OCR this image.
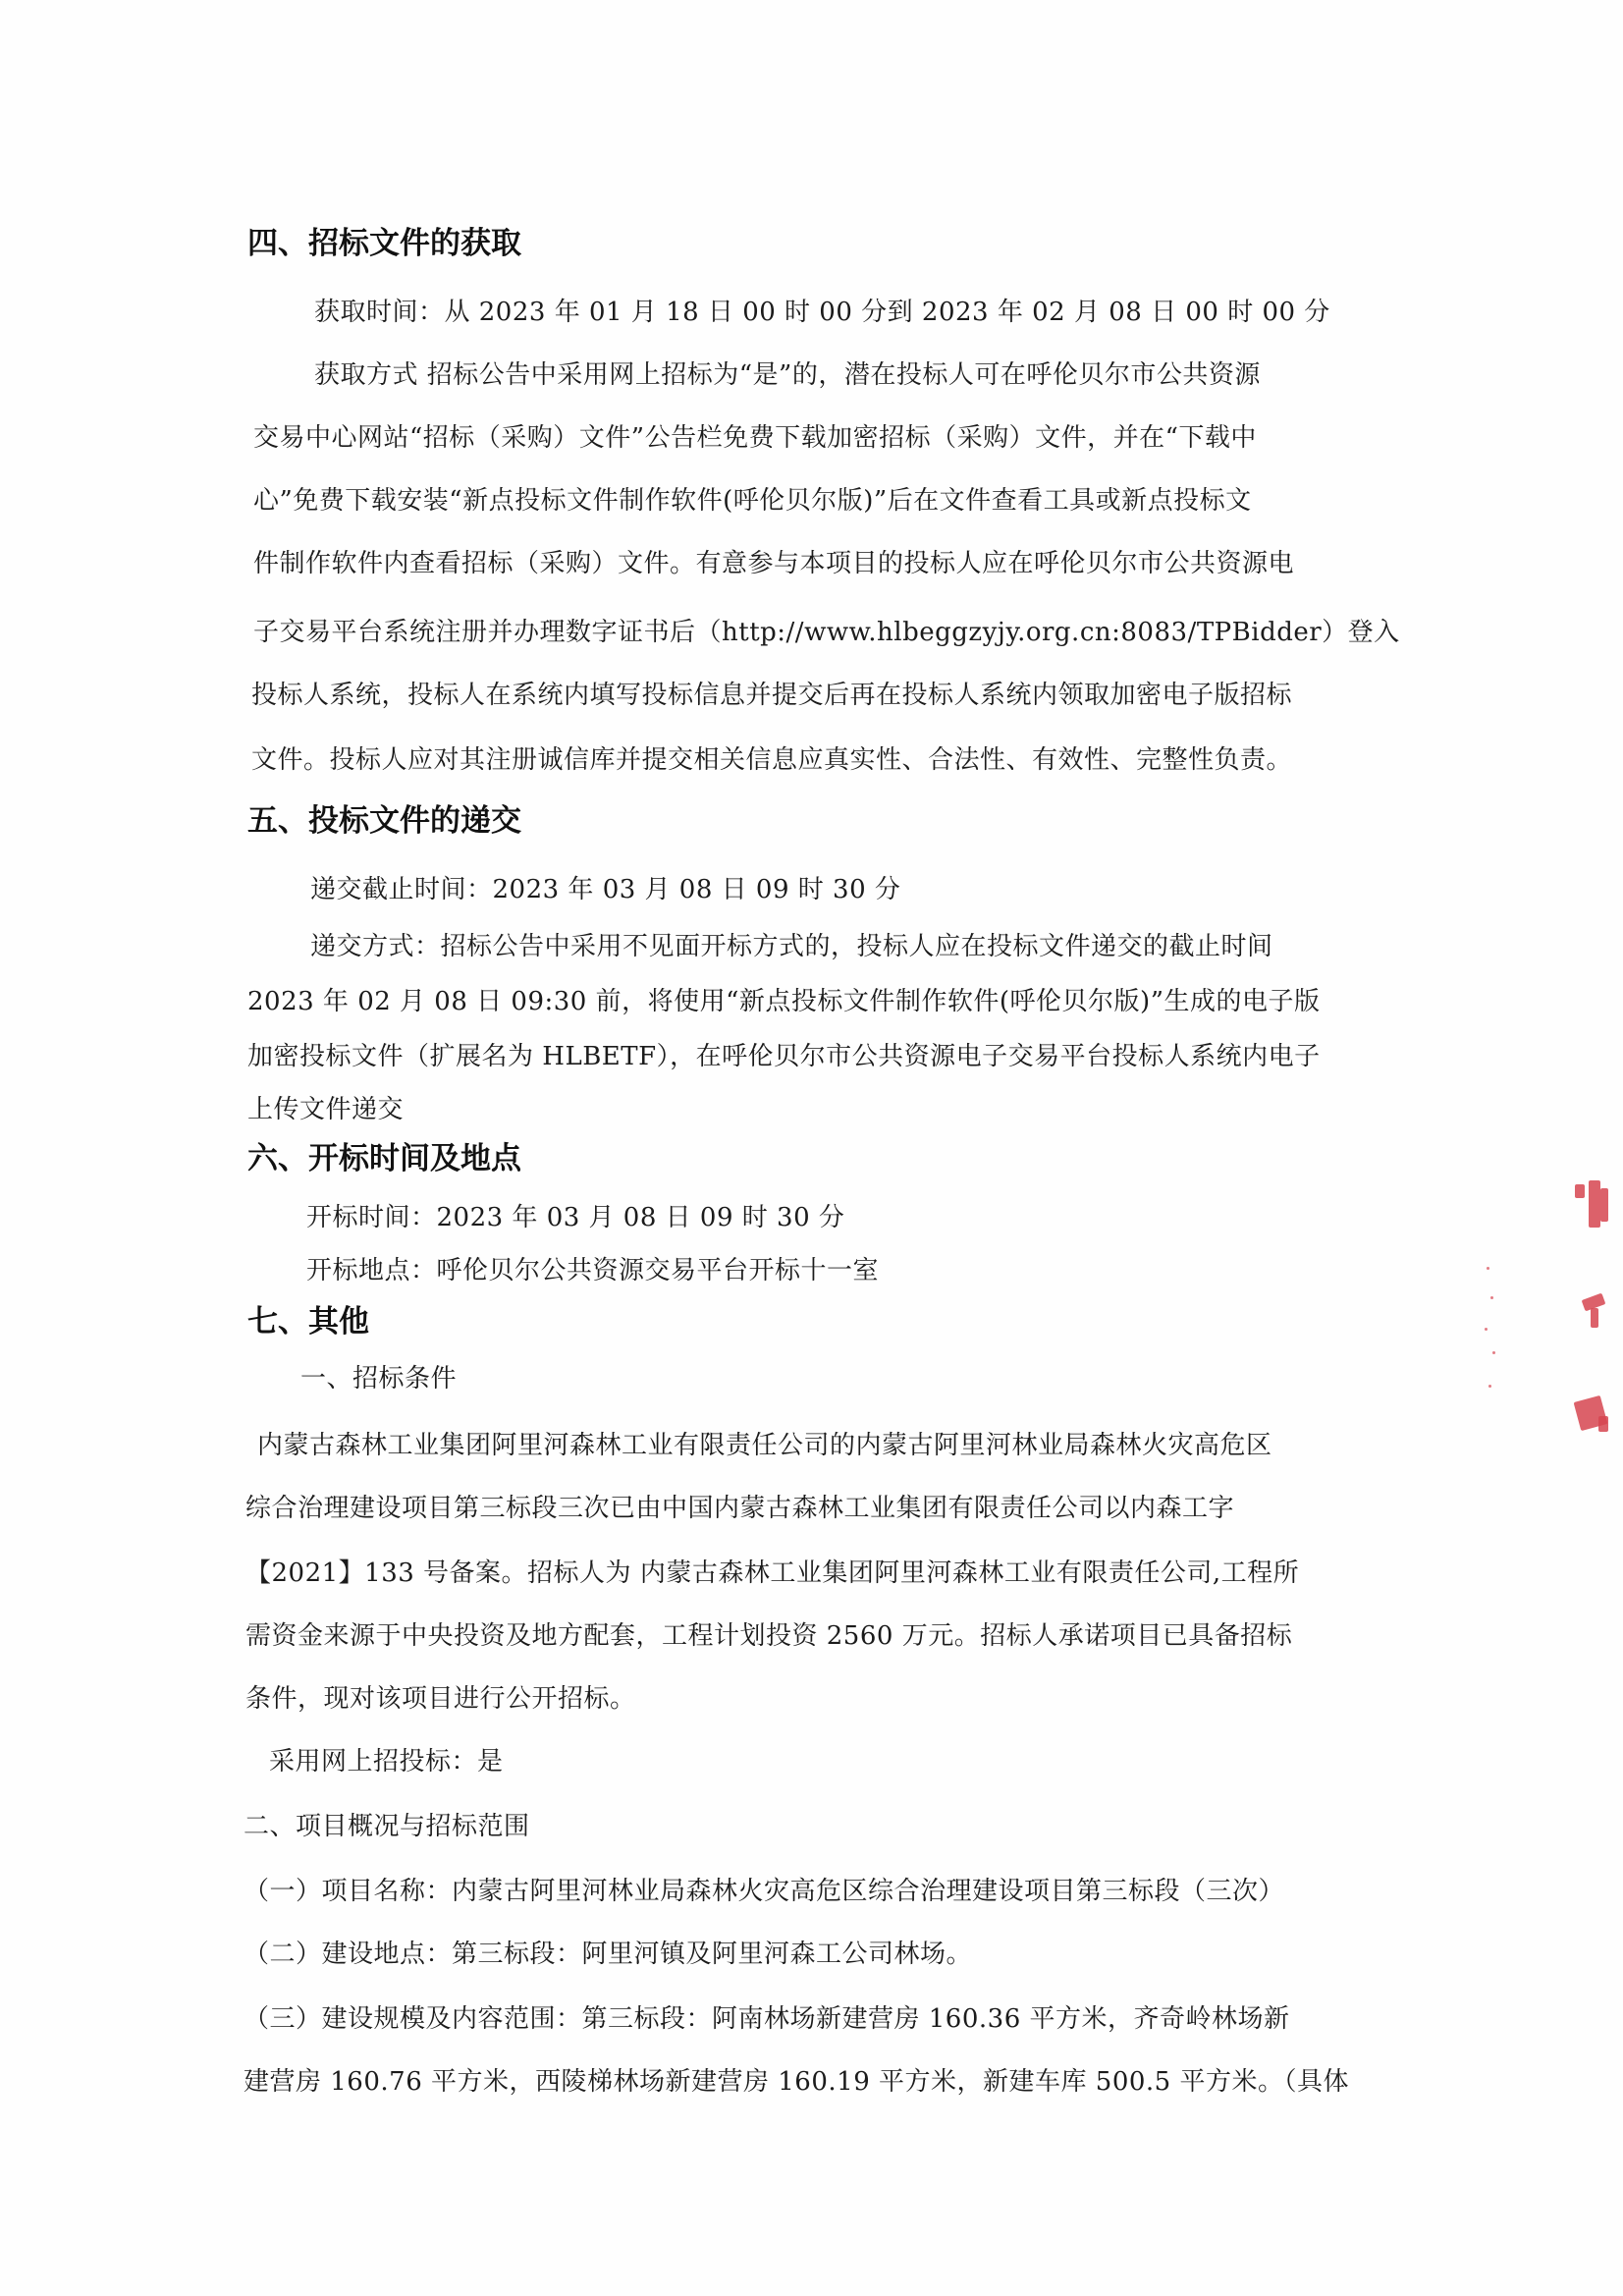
四、招标文件的获取
获取时间：从 2023 年 01 月 18 日 00 时 00 分到 2023 年 02 月 08 日 00 时 00 分
获取方式 招标公告中采用网上招标为“是”的，潜在投标人可在呼伦贝尔市公共资源
交易中心网站“招标（采购）文件”公告栏免费下载加密招标（采购）文件，并在“下载中
心”免费下载安装“新点投标文件制作软件(呼伦贝尔版)”后在文件查看工具或新点投标文
件制作软件内查看招标（采购）文件。有意参与本项目的投标人应在呼伦贝尔市公共资源电
子交易平台系统注册并办理数字证书后（http://www.hlbeggzyjy.org.cn:8083/TPBidder）登入
投标人系统，投标人在系统内填写投标信息并提交后再在投标人系统内领取加密电子版招标
文件。投标人应对其注册诚信库并提交相关信息应真实性、合法性、有效性、完整性负责。
五、投标文件的递交
递交截止时间：2023 年 03 月 08 日 09 时 30 分
递交方式：招标公告中采用不见面开标方式的，投标人应在投标文件递交的截止时间
2023 年 02 月 08 日 09:30 前，将使用“新点投标文件制作软件(呼伦贝尔版)”生成的电子版
加密投标文件（扩展名为 HLBETF），在呼伦贝尔市公共资源电子交易平台投标人系统内电子
上传文件递交
六、开标时间及地点
开标时间：2023 年 03 月 08 日 09 时 30 分
开标地点：呼伦贝尔公共资源交易平台开标十一室
七、其他
一、招标条件
内蒙古森林工业集团阿里河森林工业有限责任公司的内蒙古阿里河林业局森林火灾高危区
综合治理建设项目第三标段三次已由中国内蒙古森林工业集团有限责任公司以内森工字
【2021】133 号备案。招标人为 内蒙古森林工业集团阿里河森林工业有限责任公司,工程所
需资金来源于中央投资及地方配套，工程计划投资 2560 万元。招标人承诺项目已具备招标
条件，现对该项目进行公开招标。
采用网上招投标：是
二、项目概况与招标范围
（一）项目名称：内蒙古阿里河林业局森林火灾高危区综合治理建设项目第三标段（三次）
（二）建设地点：第三标段：阿里河镇及阿里河森工公司林场。
（三）建设规模及内容范围：第三标段：阿南林场新建营房 160.36 平方米，齐奇岭林场新
建营房 160.76 平方米，西陵梯林场新建营房 160.19 平方米，新建车库 500.5 平方米。（具体
